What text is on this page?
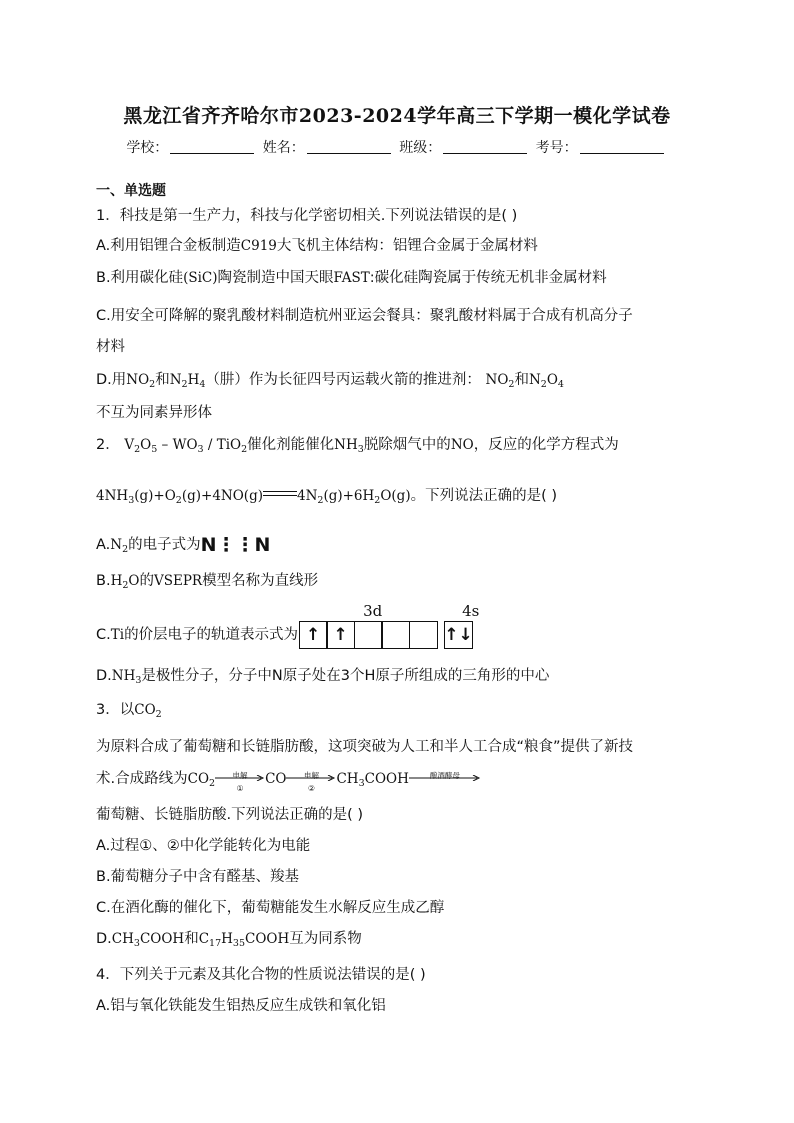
黑龙江省齐齐哈尔市2023-2024学年高三下学期一模化学试卷
学校：	姓名：	班级：	考号：
一、单选题
1．科技是第一生产力，科技与化学密切相关.下列说法错误的是( )
A.利用铝锂合金板制造C919大飞机主体结构：铝锂合金属于金属材料
B.利用碳化硅(SiC)陶瓷制造中国天眼FAST:碳化硅陶瓷属于传统无机非金属材料
C.用安全可降解的聚乳酸材料制造杭州亚运会餐具：聚乳酸材料属于合成有机高分子
材料
D.用$NO_2$和$N_2H_4$（肼）作为长征四号丙运载火箭的推进剂： $NO_2$和$N_2O_4$
不互为同素异形体
2． $V_2O_5 - WO_3 / TiO_2$催化剂能催化$NH_3$脱除烟气中的NO，反应的化学方程式为
$4NH_3(g)+O_2(g)+4NO(g)$	$4N_2(g)+6H_2O(g)$。下列说法正确的是( )
$A.N_2$的电子式为N⋮⋮N
$B.H_2O$的VSEPR模型名称为直线形
C.Ti的价层电子的轨道表示式为
3d	4s
↑ ↑	↑↓
$D.NH_3$是极性分子，分子中N原子处在3个H原子所组成的三角形的中心
3．以$CO_2$
为原料合成了葡萄糖和长链脂肪酸，这项突破为人工和半人工合成“粮食”提供了新技
术.合成路线为$CO_2$
电解
①
CO	电解
②
$CH_3COOH$	酿酒酵母
葡萄糖、长链脂肪酸.下列说法正确的是( )
A.过程①、②中化学能转化为电能
B.葡萄糖分子中含有醛基、羧基
C.在酒化酶的催化下，葡萄糖能发生水解反应生成乙醇
$D.CH_3COOH$和$C_{17}H_{35}COOH$互为同系物
4．下列关于元素及其化合物的性质说法错误的是( )
A.铝与氧化铁能发生铝热反应生成铁和氧化铝
